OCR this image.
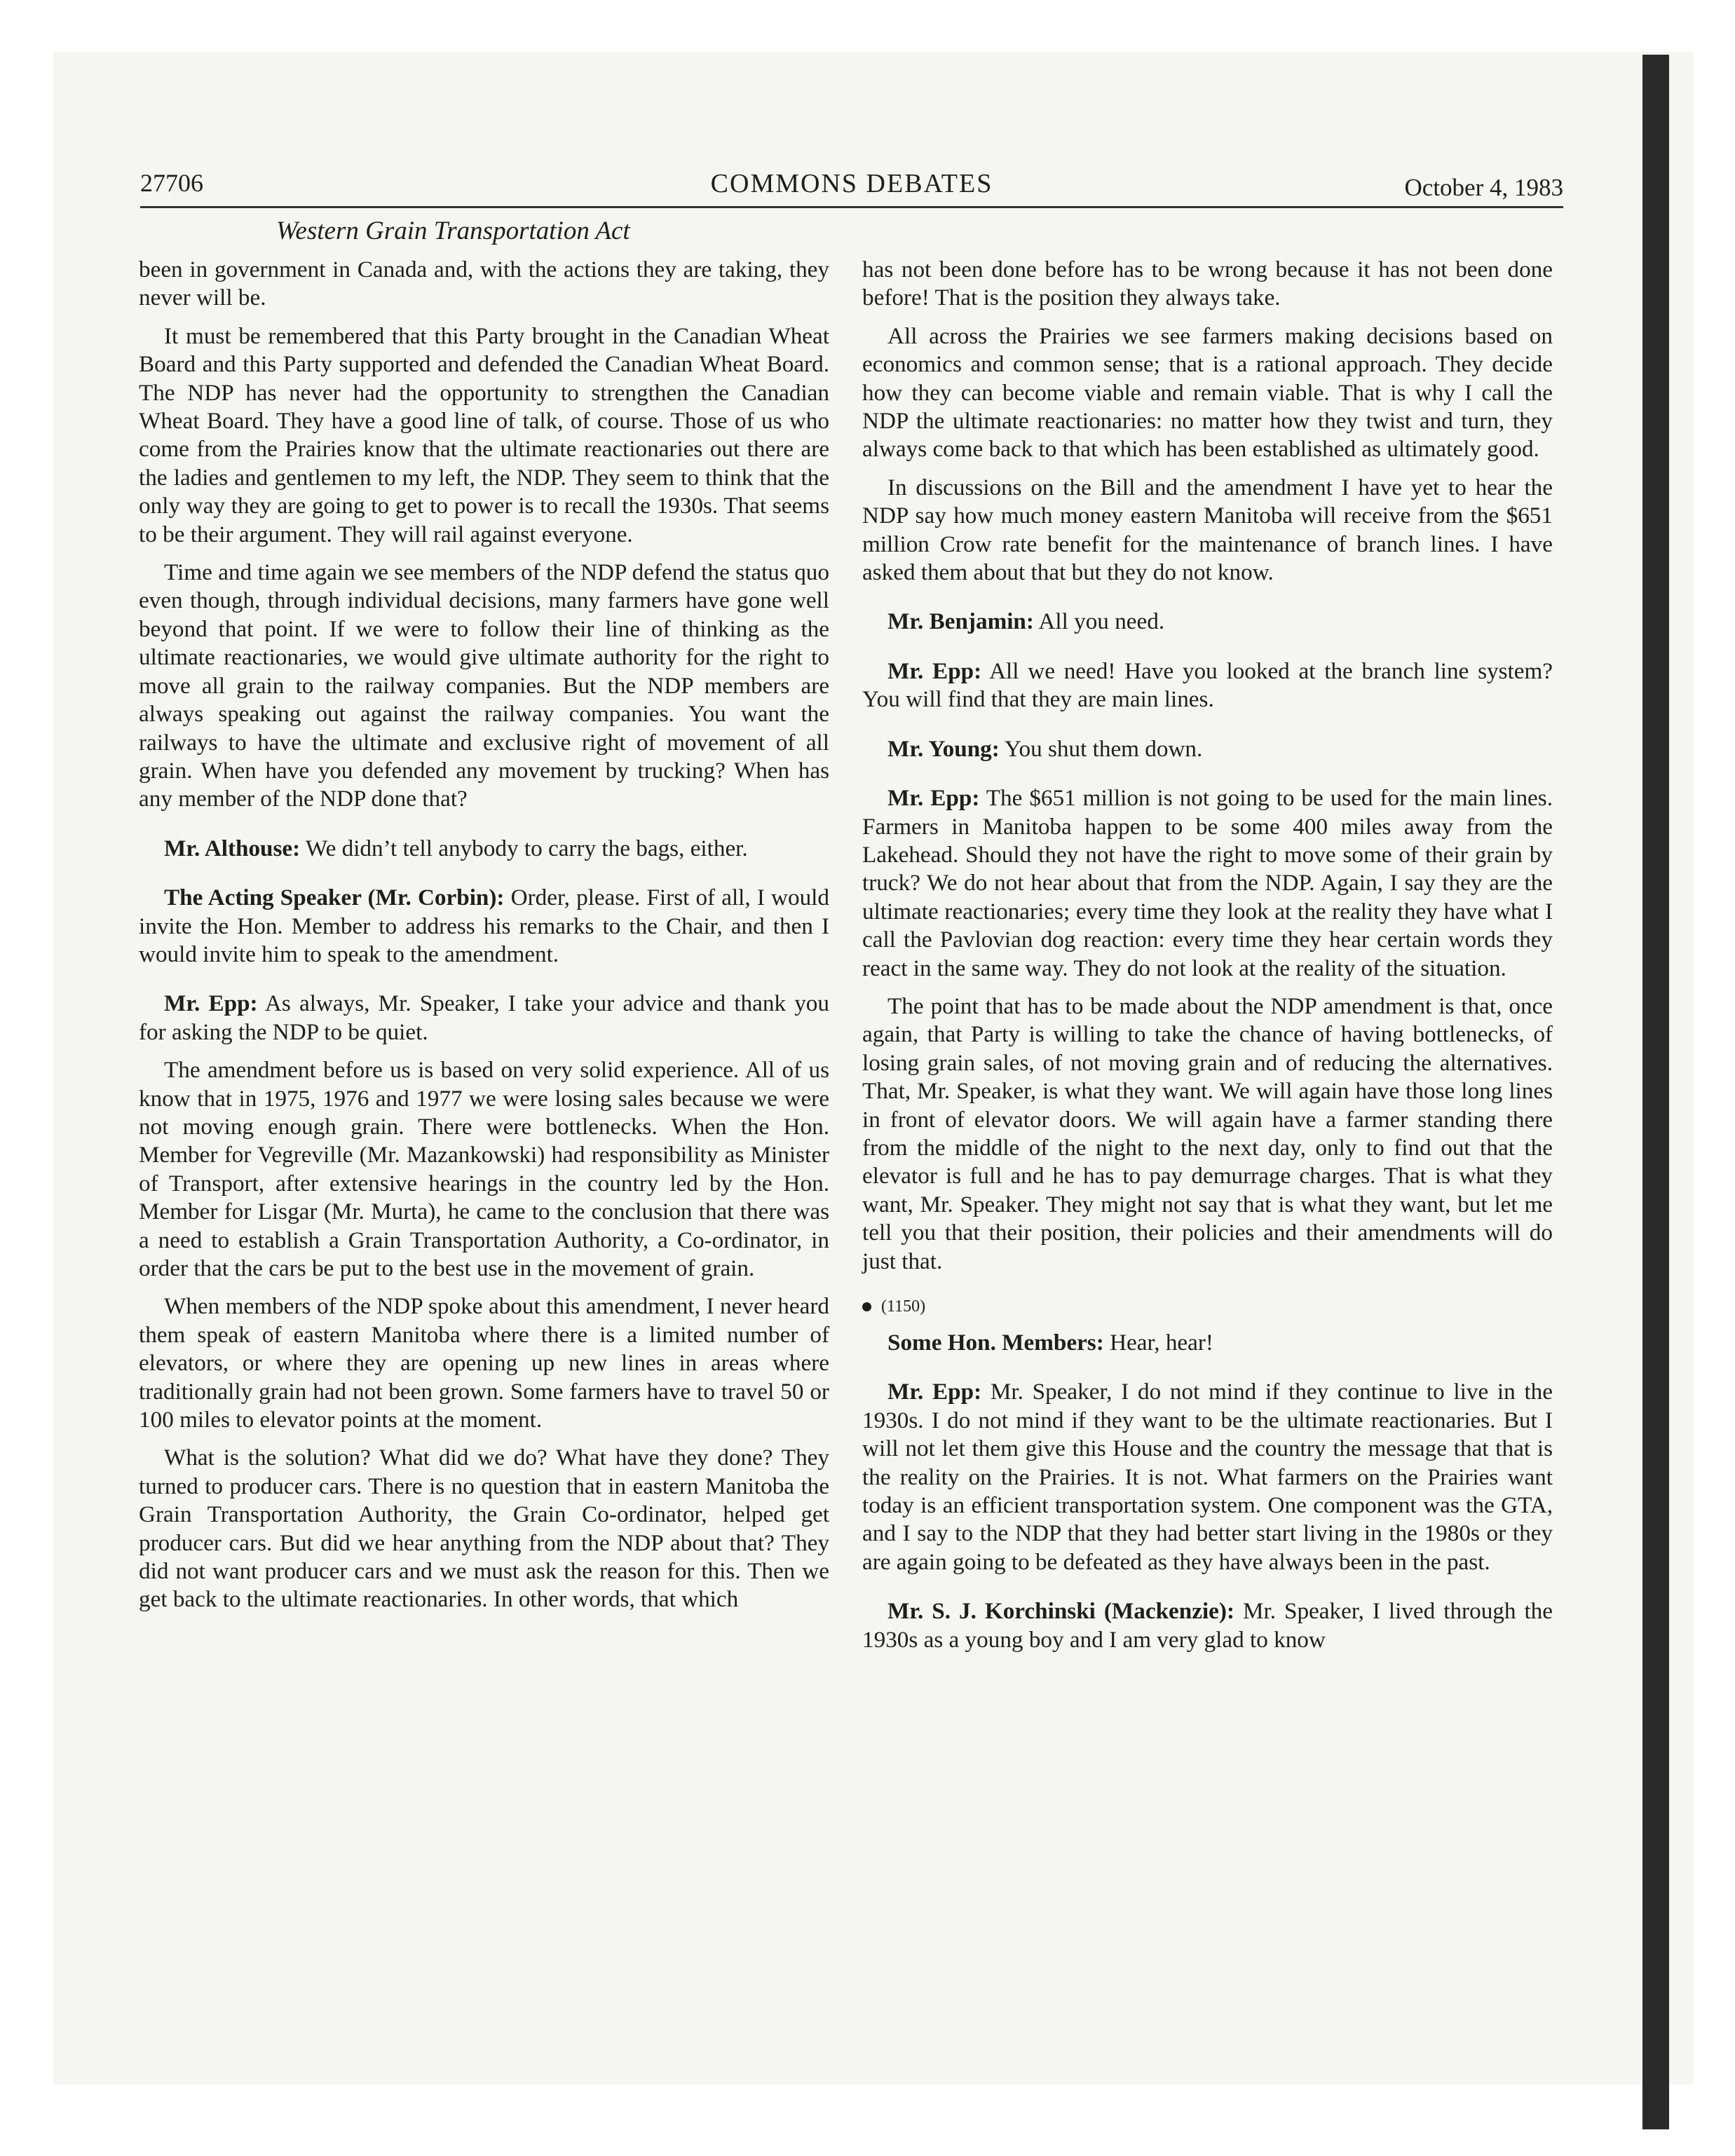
27706	COMMONS DEBATES	October 4, 1983
Western Grain Transportation Act

been in government in Canada and, with the actions they are taking, they never will be.

It must be remembered that this Party brought in the Canadian Wheat Board and this Party supported and defended the Canadian Wheat Board. The NDP has never had the opportunity to strengthen the Canadian Wheat Board. They have a good line of talk, of course. Those of us who come from the Prairies know that the ultimate reactionaries out there are the ladies and gentlemen to my left, the NDP. They seem to think that the only way they are going to get to power is to recall the 1930s. That seems to be their argument. They will rail against everyone.

Time and time again we see members of the NDP defend the status quo even though, through individual decisions, many farmers have gone well beyond that point. If we were to follow their line of thinking as the ultimate reactionaries, we would give ultimate authority for the right to move all grain to the railway companies. But the NDP members are always speaking out against the railway companies. You want the railways to have the ultimate and exclusive right of movement of all grain. When have you defended any movement by trucking? When has any member of the NDP done that?

Mr. Althouse: We didn’t tell anybody to carry the bags, either.

The Acting Speaker (Mr. Corbin): Order, please. First of all, I would invite the Hon. Member to address his remarks to the Chair, and then I would invite him to speak to the amendment.

Mr. Epp: As always, Mr. Speaker, I take your advice and thank you for asking the NDP to be quiet.

The amendment before us is based on very solid experience. All of us know that in 1975, 1976 and 1977 we were losing sales because we were not moving enough grain. There were bottlenecks. When the Hon. Member for Vegreville (Mr. Mazankowski) had responsibility as Minister of Transport, after extensive hearings in the country led by the Hon. Member for Lisgar (Mr. Murta), he came to the conclusion that there was a need to establish a Grain Transportation Authority, a Co-ordinator, in order that the cars be put to the best use in the movement of grain.

When members of the NDP spoke about this amendment, I never heard them speak of eastern Manitoba where there is a limited number of elevators, or where they are opening up new lines in areas where traditionally grain had not been grown. Some farmers have to travel 50 or 100 miles to elevator points at the moment.

What is the solution? What did we do? What have they done? They turned to producer cars. There is no question that in eastern Manitoba the Grain Transportation Authority, the Grain Co-ordinator, helped get producer cars. But did we hear anything from the NDP about that? They did not want producer cars and we must ask the reason for this. Then we get back to the ultimate reactionaries. In other words, that which

has not been done before has to be wrong because it has not been done before! That is the position they always take.

All across the Prairies we see farmers making decisions based on economics and common sense; that is a rational approach. They decide how they can become viable and remain viable. That is why I call the NDP the ultimate reactionaries: no matter how they twist and turn, they always come back to that which has been established as ultimately good.

In discussions on the Bill and the amendment I have yet to hear the NDP say how much money eastern Manitoba will receive from the $651 million Crow rate benefit for the maintenance of branch lines. I have asked them about that but they do not know.

Mr. Benjamin: All you need.

Mr. Epp: All we need! Have you looked at the branch line system? You will find that they are main lines.

Mr. Young: You shut them down.

Mr. Epp: The $651 million is not going to be used for the main lines. Farmers in Manitoba happen to be some 400 miles away from the Lakehead. Should they not have the right to move some of their grain by truck? We do not hear about that from the NDP. Again, I say they are the ultimate reactionaries; every time they look at the reality they have what I call the Pavlovian dog reaction: every time they hear certain words they react in the same way. They do not look at the reality of the situation.

The point that has to be made about the NDP amendment is that, once again, that Party is willing to take the chance of having bottlenecks, of losing grain sales, of not moving grain and of reducing the alternatives. That, Mr. Speaker, is what they want. We will again have those long lines in front of elevator doors. We will again have a farmer standing there from the middle of the night to the next day, only to find out that the elevator is full and he has to pay demurrage charges. That is what they want, Mr. Speaker. They might not say that is what they want, but let me tell you that their position, their policies and their amendments will do just that.

(1150)

Some Hon. Members: Hear, hear!

Mr. Epp: Mr. Speaker, I do not mind if they continue to live in the 1930s. I do not mind if they want to be the ultimate reactionaries. But I will not let them give this House and the country the message that that is the reality on the Prairies. It is not. What farmers on the Prairies want today is an efficient transportation system. One component was the GTA, and I say to the NDP that they had better start living in the 1980s or they are again going to be defeated as they have always been in the past.

Mr. S. J. Korchinski (Mackenzie): Mr. Speaker, I lived through the 1930s as a young boy and I am very glad to know
